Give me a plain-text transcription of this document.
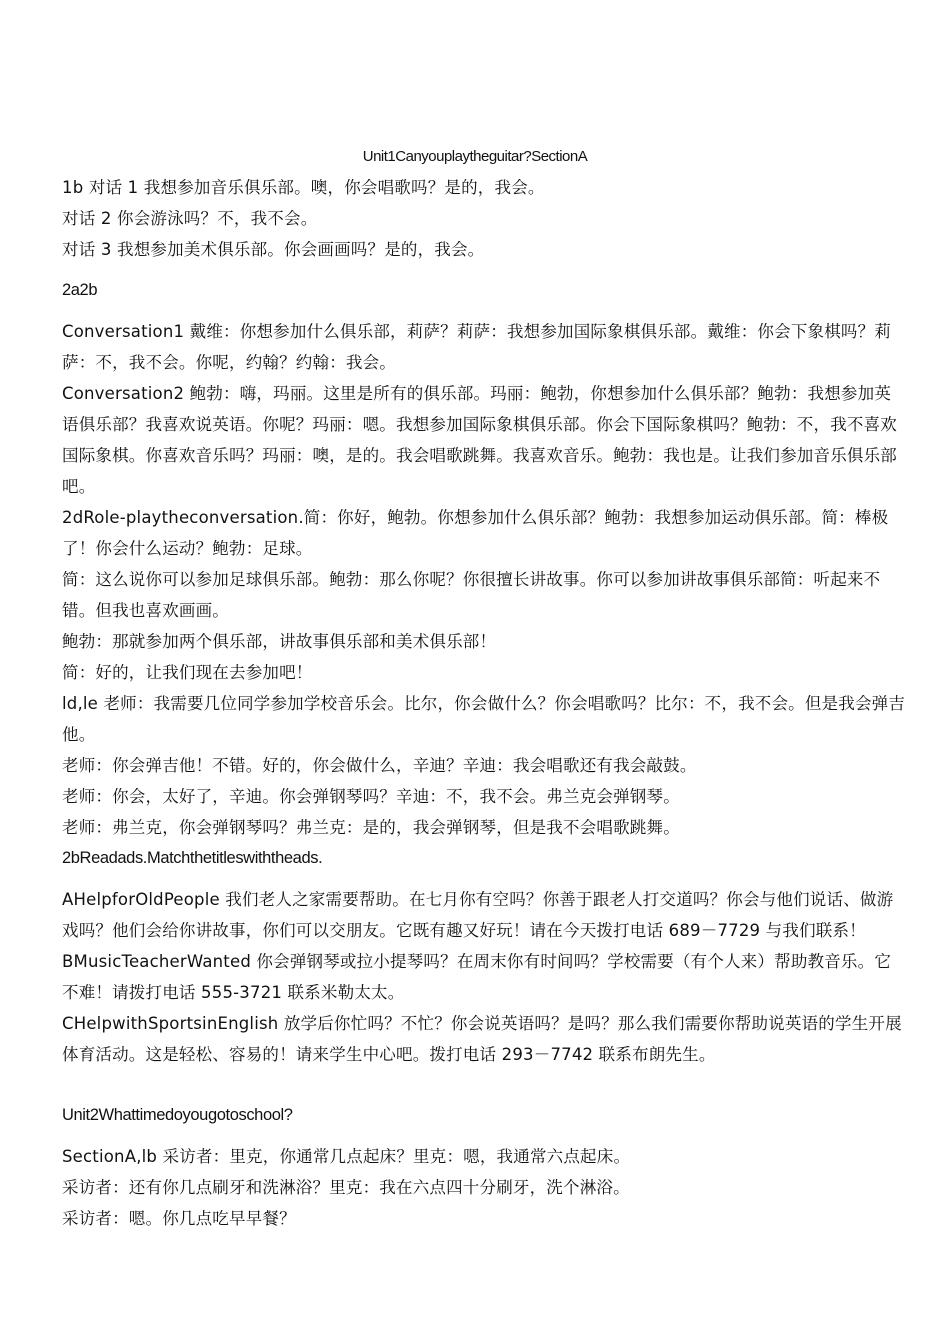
Unit1Canyouplaytheguitar?SectionA

1b 对话 1 我想参加音乐俱乐部。噢，你会唱歌吗？是的，我会。

对话 2 你会游泳吗？不，我不会。

对话 3 我想参加美术俱乐部。你会画画吗？是的，我会。

2a2b

Conversation1 戴维：你想参加什么俱乐部，莉萨？莉萨：我想参加国际象棋俱乐部。戴维：你会下象棋吗？莉萨：不，我不会。你呢，约翰？约翰：我会。

Conversation2 鲍勃：嗨，玛丽。这里是所有的俱乐部。玛丽：鲍勃，你想参加什么俱乐部？鲍勃：我想参加英语俱乐部？我喜欢说英语。你呢？玛丽：嗯。我想参加国际象棋俱乐部。你会下国际象棋吗？鲍勃：不，我不喜欢国际象棋。你喜欢音乐吗？玛丽：噢，是的。我会唱歌跳舞。我喜欢音乐。鲍勃：我也是。让我们参加音乐俱乐部吧。

2dRole-playtheconversation.简：你好，鲍勃。你想参加什么俱乐部？鲍勃：我想参加运动俱乐部。简：棒极了！你会什么运动？鲍勃：足球。

简：这么说你可以参加足球俱乐部。鲍勃：那么你呢？你很擅长讲故事。你可以参加讲故事俱乐部简：听起来不错。但我也喜欢画画。

鲍勃：那就参加两个俱乐部，讲故事俱乐部和美术俱乐部！

简：好的，让我们现在去参加吧！

ld,le 老师：我需要几位同学参加学校音乐会。比尔，你会做什么？你会唱歌吗？比尔：不，我不会。但是我会弹吉他。

老师：你会弹吉他！不错。好的，你会做什么，辛迪？辛迪：我会唱歌还有我会敲鼓。

老师：你会，太好了，辛迪。你会弹钢琴吗？辛迪：不，我不会。弗兰克会弹钢琴。

老师：弗兰克，你会弹钢琴吗？弗兰克：是的，我会弹钢琴，但是我不会唱歌跳舞。

2bReadads.Matchthetitleswiththeads.

AHelpforOldPeople 我们老人之家需要帮助。在七月你有空吗？你善于跟老人打交道吗？你会与他们说话、做游戏吗？他们会给你讲故事，你们可以交朋友。它既有趣又好玩！请在今天拨打电话 689－7729 与我们联系！

BMusicTeacherWanted 你会弹钢琴或拉小提琴吗？在周末你有时间吗？学校需要（有个人来）帮助教音乐。它不难！请拨打电话 555-3721 联系米勒太太。

CHelpwithSportsinEnglish 放学后你忙吗？不忙？你会说英语吗？是吗？那么我们需要你帮助说英语的学生开展体育活动。这是轻松、容易的！请来学生中心吧。拨打电话 293－7742 联系布朗先生。

Unit2Whattimedoyougotoschool?

SectionA,lb 采访者：里克，你通常几点起床？里克：嗯，我通常六点起床。

采访者：还有你几点刷牙和洗淋浴？里克：我在六点四十分刷牙，洗个淋浴。

采访者：嗯。你几点吃早早餐？
